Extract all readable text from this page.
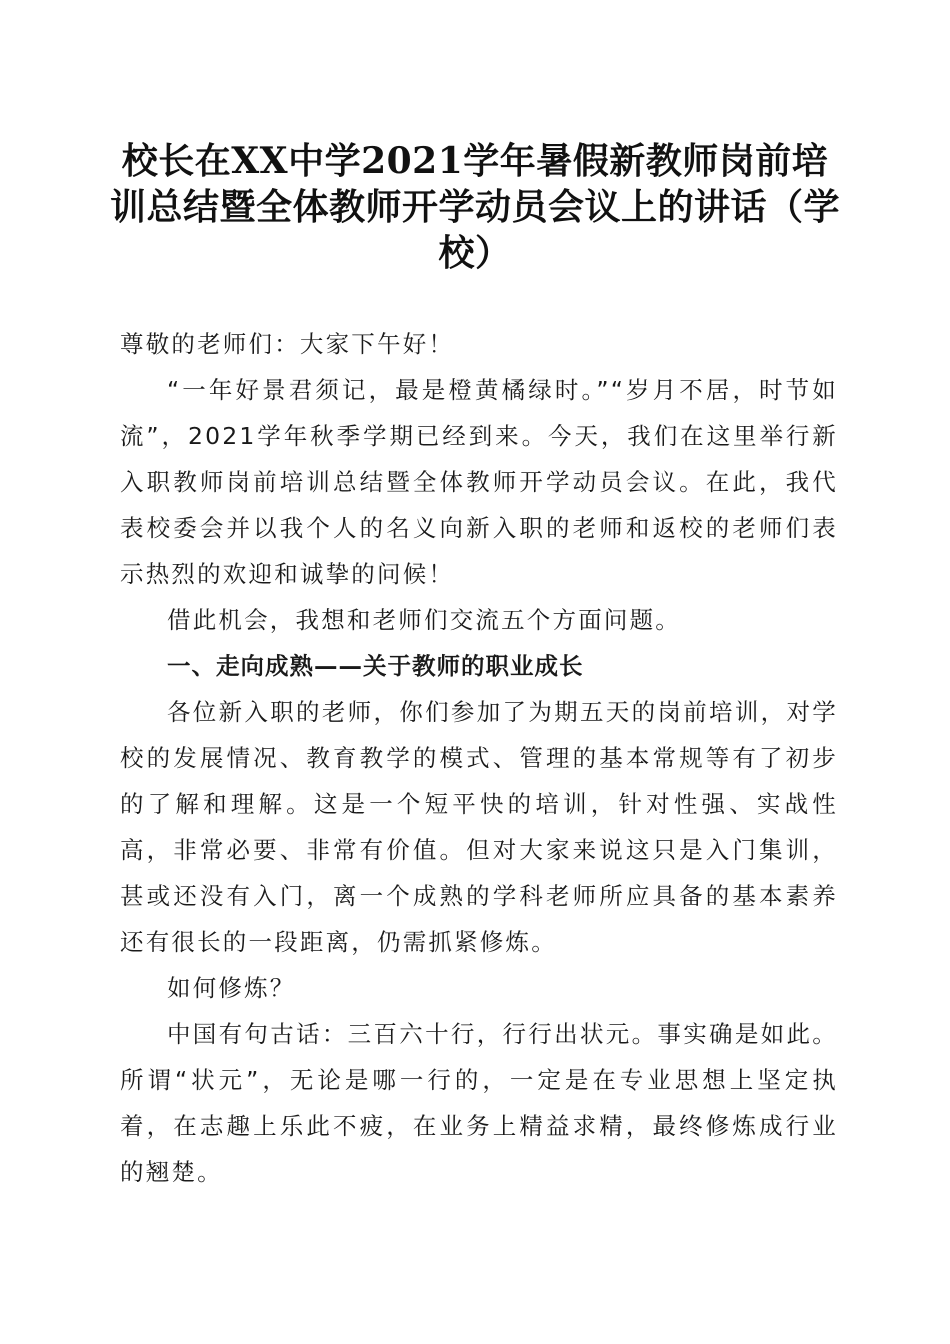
校长在XX中学2021学年暑假新教师岗前培训总结暨全体教师开学动员会议上的讲话（学校）

尊敬的老师们：大家下午好！

“一年好景君须记，最是橙黄橘绿时。”“岁月不居，时节如流”，2021学年秋季学期已经到来。今天，我们在这里举行新入职教师岗前培训总结暨全体教师开学动员会议。在此，我代表校委会并以我个人的名义向新入职的老师和返校的老师们表示热烈的欢迎和诚挚的问候！

借此机会，我想和老师们交流五个方面问题。

一、走向成熟——关于教师的职业成长

各位新入职的老师，你们参加了为期五天的岗前培训，对学校的发展情况、教育教学的模式、管理的基本常规等有了初步的了解和理解。这是一个短平快的培训，针对性强、实战性高，非常必要、非常有价值。但对大家来说这只是入门集训，甚或还没有入门，离一个成熟的学科老师所应具备的基本素养还有很长的一段距离，仍需抓紧修炼。

如何修炼？

中国有句古话：三百六十行，行行出状元。事实确是如此。所谓“状元”，无论是哪一行的，一定是在专业思想上坚定执着，在志趣上乐此不疲，在业务上精益求精，最终修炼成行业的翘楚。
